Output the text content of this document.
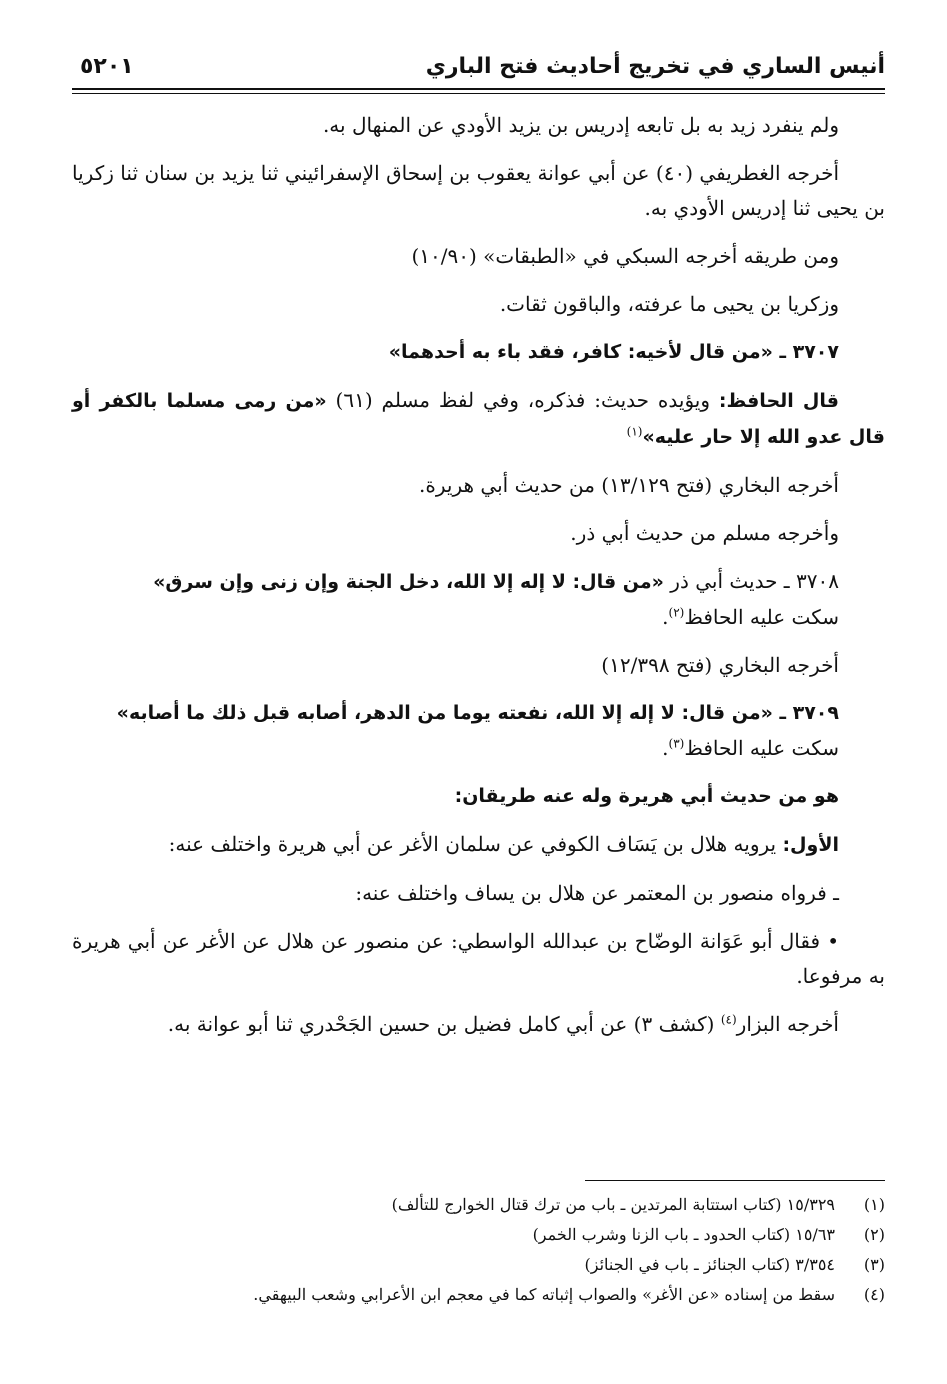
أنيس الساري في تخريج أحاديث فتح الباري
٥٢٠١

ولم ينفرد زيد به بل تابعه إدريس بن يزيد الأودي عن المنهال به.

أخرجه الغطريفي (٤٠) عن أبي عوانة يعقوب بن إسحاق الإسفرائيني ثنا يزيد بن سنان ثنا زكريا بن يحيى ثنا إدريس الأودي به.

ومن طريقه أخرجه السبكي في «الطبقات» (١٠/٩٠)

وزكريا بن يحيى ما عرفته، والباقون ثقات.

٣٧٠٧ ـ «من قال لأخيه: كافر، فقد باء به أحدهما»

قال الحافظ: ويؤيده حديث: فذكره، وفي لفظ مسلم (٦١) «من رمى مسلما بالكفر أو قال عدو الله إلا حار عليه»$^{(١)}$

أخرجه البخاري (فتح ١٣/١٢٩) من حديث أبي هريرة.

وأخرجه مسلم من حديث أبي ذر.

٣٧٠٨ ـ حديث أبي ذر «من قال: لا إله إلا الله، دخل الجنة وإن زنى وإن سرق»

سكت عليه الحافظ$^{(٢)}$.

أخرجه البخاري (فتح ١٢/٣٩٨)

٣٧٠٩ ـ «من قال: لا إله إلا الله، نفعته يوما من الدهر، أصابه قبل ذلك ما أصابه»

سكت عليه الحافظ$^{(٣)}$.

هو من حديث أبي هريرة وله عنه طريقان:

الأول: يرويه هلال بن يَسَاف الكوفي عن سلمان الأغر عن أبي هريرة واختلف عنه:

ـ فرواه منصور بن المعتمر عن هلال بن يساف واختلف عنه:

• فقال أبو عَوَانة الوضّاح بن عبدالله الواسطي: عن منصور عن هلال عن الأغر عن أبي هريرة به مرفوعا.

أخرجه البزار$^{(٤)}$ (كشف ٣) عن أبي كامل فضيل بن حسين الجَحْدري ثنا أبو عوانة به.

(١)
١٥/٣٢٩ (كتاب استتابة المرتدين ـ باب من ترك قتال الخوارج للتألف)
(٢)
١٥/٦٣ (كتاب الحدود ـ باب الزنا وشرب الخمر)
(٣)
٣/٣٥٤ (كتاب الجنائز ـ باب في الجنائز)
(٤)
سقط من إسناده «عن الأغر» والصواب إثباته كما في معجم ابن الأعرابي وشعب البيهقي.
